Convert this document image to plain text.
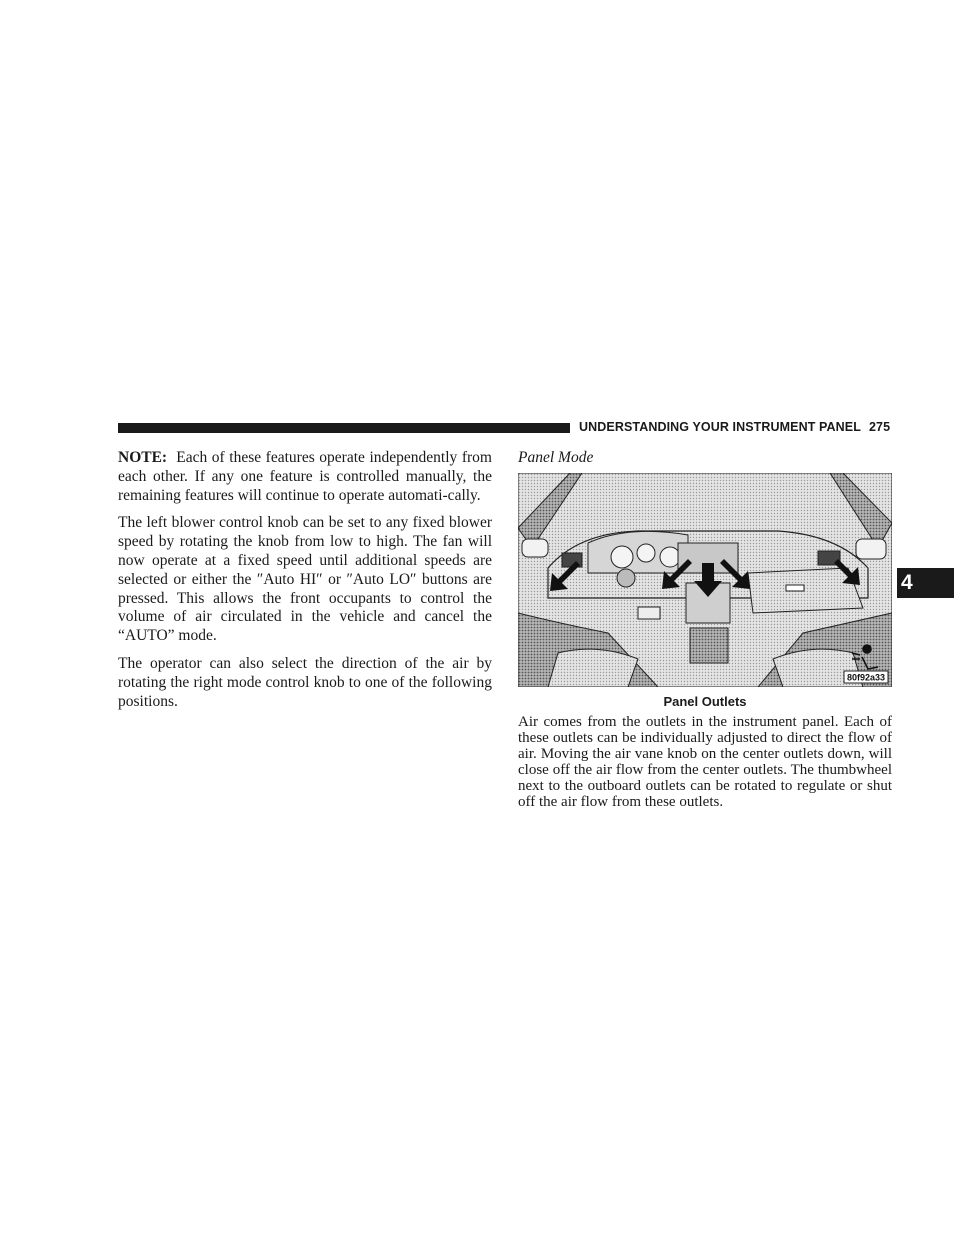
UNDERSTANDING YOUR INSTRUMENT PANEL 275

NOTE: Each of these features operate independently from each other. If any one feature is controlled manually, the remaining features will continue to operate automati-cally.

The left blower control knob can be set to any fixed blower speed by rotating the knob from low to high. The fan will now operate at a fixed speed until additional speeds are selected or either the ″Auto HI″ or ″Auto LO″ buttons are pressed. This allows the front occupants to control the volume of air circulated in the vehicle and cancel the “AUTO” mode.

The operator can also select the direction of the air by rotating the right mode control knob to one of the following positions.

Panel Mode
80f92a33
Panel Outlets

Air comes from the outlets in the instrument panel. Each of these outlets can be individually adjusted to direct the flow of air. Moving the air vane knob on the center outlets down, will close off the air flow from the center outlets. The thumbwheel next to the outboard outlets can be rotated to regulate or shut off the air flow from these outlets.

4
